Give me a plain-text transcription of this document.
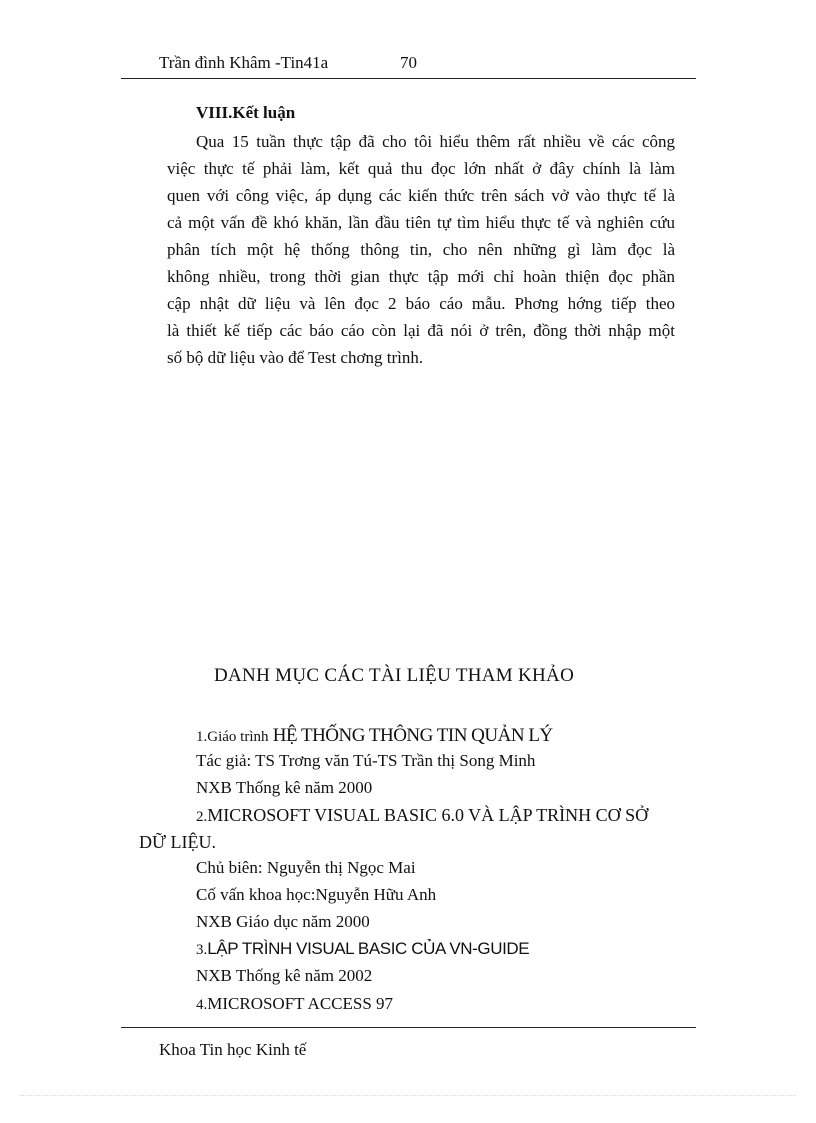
Trần đình Khâm -Tin41a	70
VIII.Kết luận
Qua 15 tuần thực tập đã cho tôi hiểu thêm rất nhiều về các công
việc thực tế phải làm, kết quả thu đọc lớn nhất ở đây chính là làm
quen với công việc, áp dụng các kiến thức trên sách vở vào thực tế là
cả một vấn đề khó khăn, lần đầu tiên tự tìm hiểu thực tế và nghiên cứu
phân tích một hệ thống thông tin, cho nên những gì làm đọc là
không nhiều, trong thời gian thực tập mới chỉ hoàn thiện đọc phần
cập nhật dữ liệu và lên đọc 2 báo cáo mẫu. Phơng hớng tiếp theo
là thiết kế tiếp các báo cáo còn lại đã nói ở trên, đồng thời nhập một
số bộ dữ liệu vào để Test chơng trình.
DANH MỤC CÁC TÀI LIỆU THAM KHẢO
1.Giáo trình HỆ THỐNG THÔNG TIN QUẢN LÝ
Tác giả: TS Trơng văn Tú-TS Trần thị Song Minh
NXB Thống kê năm 2000
2.MICROSOFT VISUAL BASIC 6.0 VÀ LẬP TRÌNH CƠ SỞ
DỮ LIỆU.
Chủ biên: Nguyễn thị Ngọc Mai
Cố vấn khoa học:Nguyễn Hữu Anh
NXB Giáo dục năm 2000
3.LẬP TRÌNH VISUAL BASIC CỦA VN-GUIDE
NXB Thống kê năm 2002
4.MICROSOFT ACCESS 97
Khoa Tin học Kinh tế
